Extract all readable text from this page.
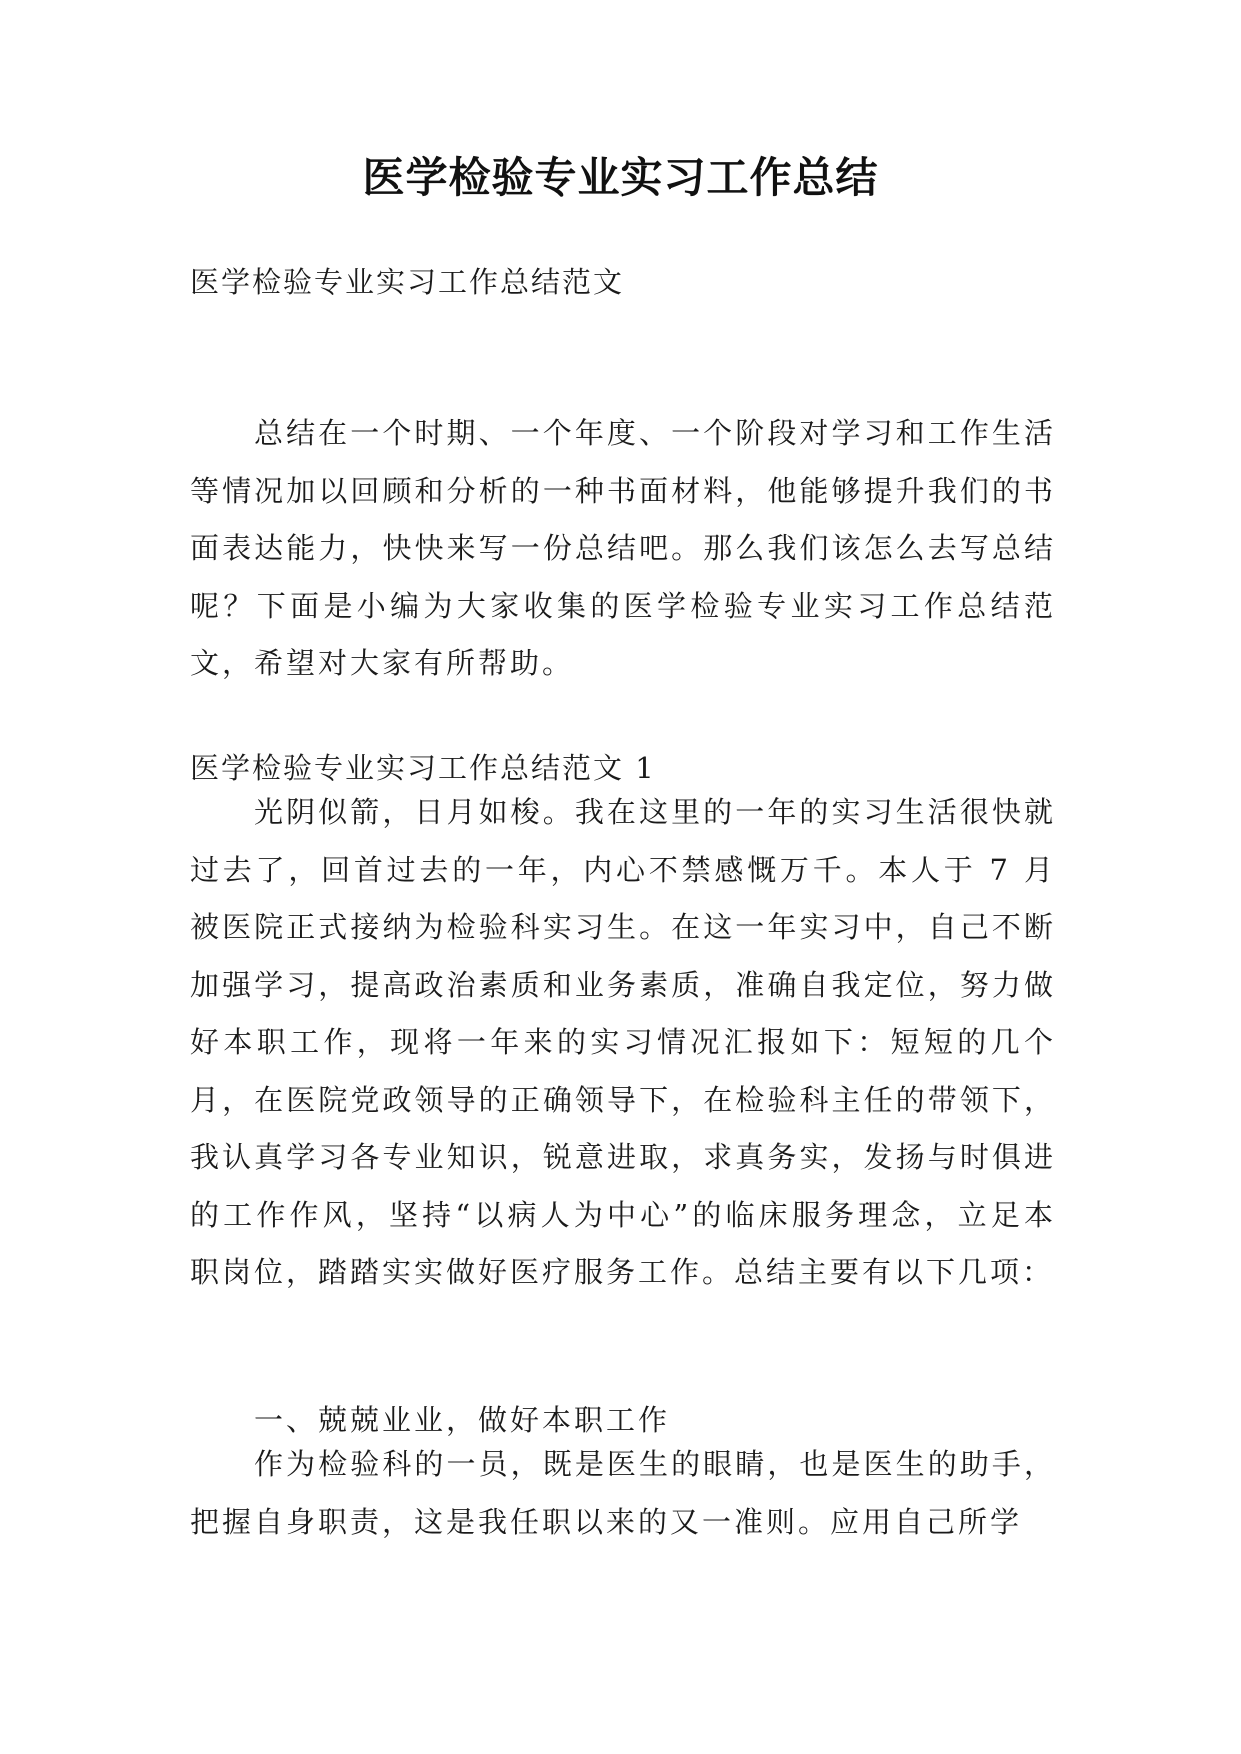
医学检验专业实习工作总结
医学检验专业实习工作总结范文

总结在一个时期、一个年度、一个阶段对学习和工作生活等情况加以回顾和分析的一种书面材料，他能够提升我们的书面表达能力，快快来写一份总结吧。那么我们该怎么去写总结呢？下面是小编为大家收集的医学检验专业实习工作总结范文，希望对大家有所帮助。

医学检验专业实习工作总结范文 1

光阴似箭，日月如梭。我在这里的一年的实习生活很快就过去了，回首过去的一年，内心不禁感慨万千。本人于 7 月被医院正式接纳为检验科实习生。在这一年实习中，自己不断加强学习，提高政治素质和业务素质，准确自我定位，努力做好本职工作，现将一年来的实习情况汇报如下：短短的几个月，在医院党政领导的正确领导下，在检验科主任的带领下，我认真学习各专业知识，锐意进取，求真务实，发扬与时俱进的工作作风，坚持“以病人为中心”的临床服务理念，立足本职岗位，踏踏实实做好医疗服务工作。总结主要有以下几项：

一、兢兢业业，做好本职工作

作为检验科的一员，既是医生的眼睛，也是医生的助手，把握自身职责，这是我任职以来的又一准则。应用自己所学
